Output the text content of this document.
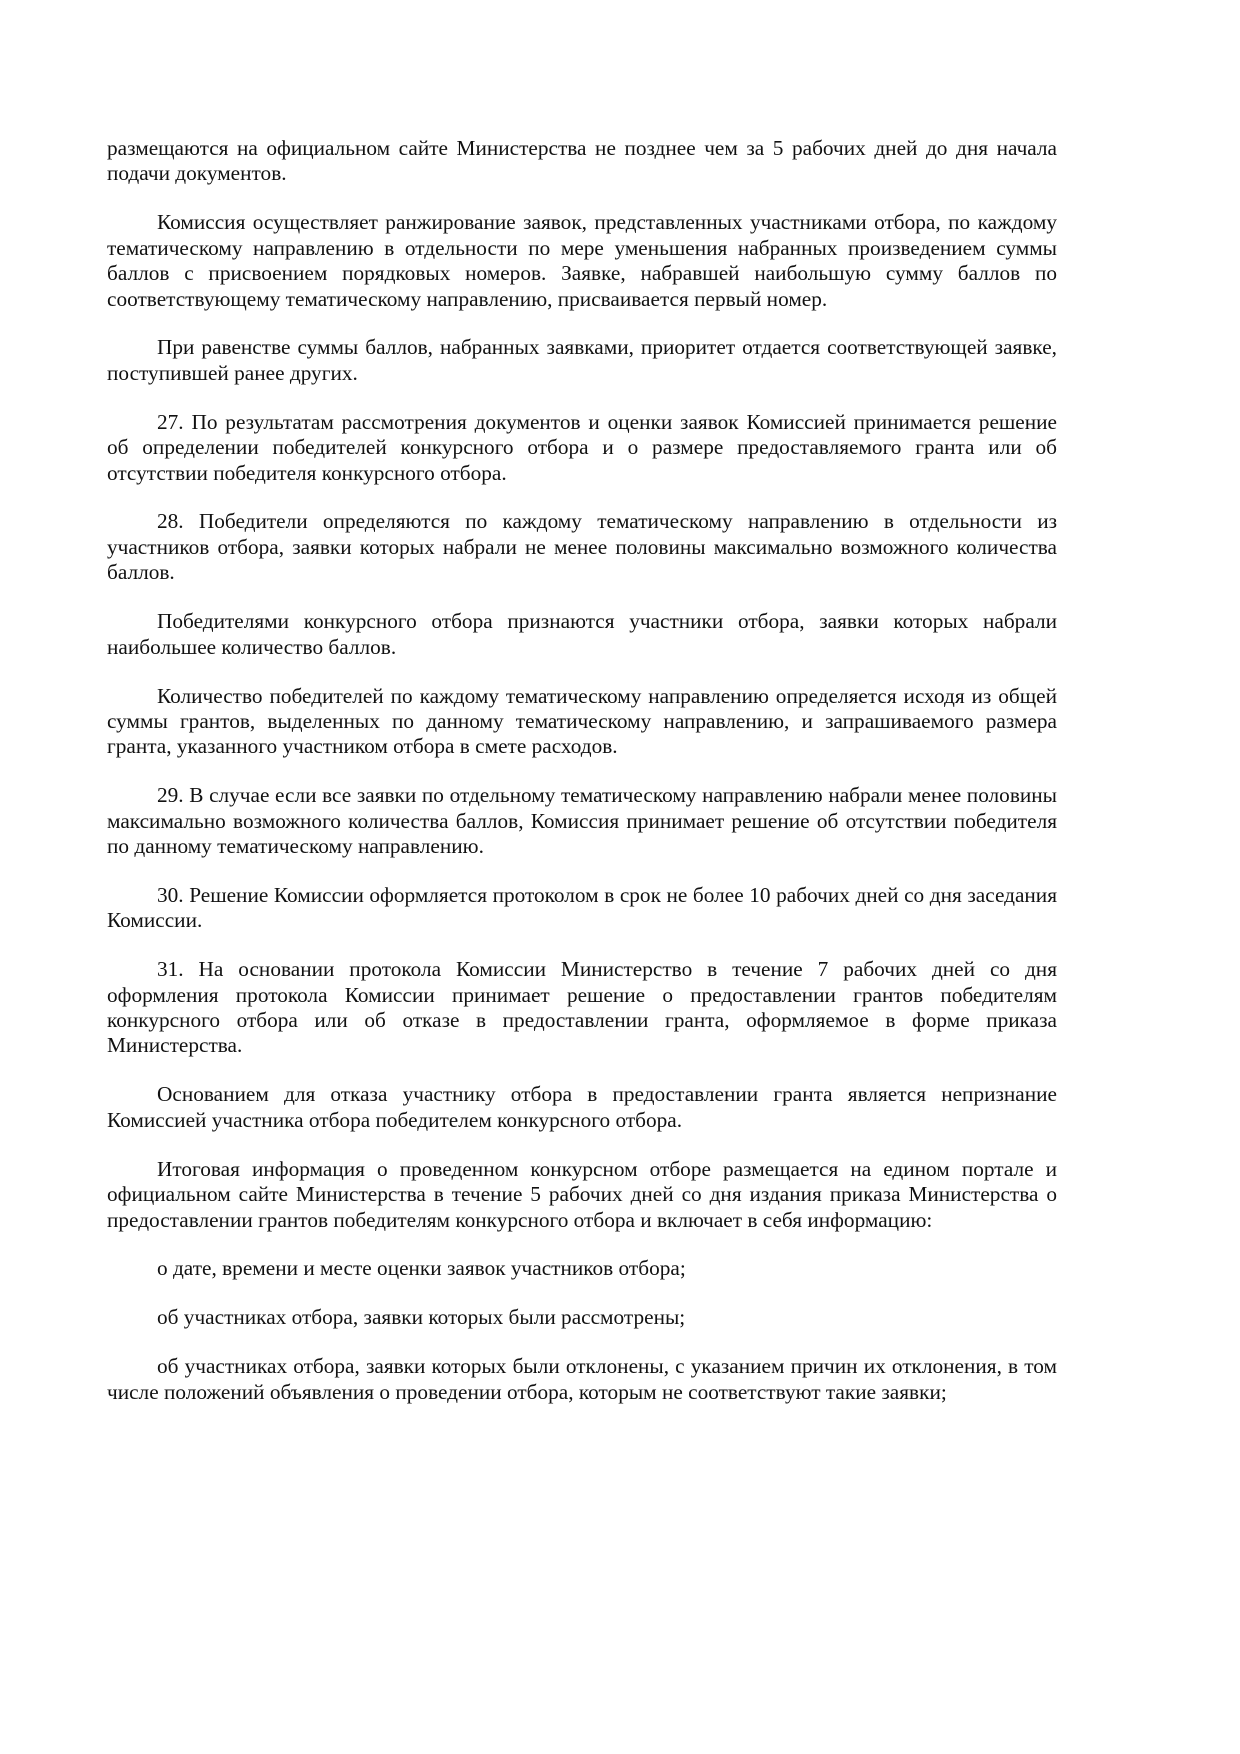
размещаются на официальном сайте Министерства не позднее чем за 5 рабочих дней до дня начала подачи документов.

Комиссия осуществляет ранжирование заявок, представленных участниками отбора, по каждому тематическому направлению в отдельности по мере уменьшения набранных произведением суммы баллов с присвоением порядковых номеров. Заявке, набравшей наибольшую сумму баллов по соответствующему тематическому направлению, присваивается первый номер.

При равенстве суммы баллов, набранных заявками, приоритет отдается соответствующей заявке, поступившей ранее других.

27. По результатам рассмотрения документов и оценки заявок Комиссией принимается решение об определении победителей конкурсного отбора и о размере предоставляемого гранта или об отсутствии победителя конкурсного отбора.

28. Победители определяются по каждому тематическому направлению в отдельности из участников отбора, заявки которых набрали не менее половины максимально возможного количества баллов.

Победителями конкурсного отбора признаются участники отбора, заявки которых набрали наибольшее количество баллов.

Количество победителей по каждому тематическому направлению определяется исходя из общей суммы грантов, выделенных по данному тематическому направлению, и запрашиваемого размера гранта, указанного участником отбора в смете расходов.

29. В случае если все заявки по отдельному тематическому направлению набрали менее половины максимально возможного количества баллов, Комиссия принимает решение об отсутствии победителя по данному тематическому направлению.

30. Решение Комиссии оформляется протоколом в срок не более 10 рабочих дней со дня заседания Комиссии.

31. На основании протокола Комиссии Министерство в течение 7 рабочих дней со дня оформления протокола Комиссии принимает решение о предоставлении грантов победителям конкурсного отбора или об отказе в предоставлении гранта, оформляемое в форме приказа Министерства.

Основанием для отказа участнику отбора в предоставлении гранта является непризнание Комиссией участника отбора победителем конкурсного отбора.

Итоговая информация о проведенном конкурсном отборе размещается на едином портале и официальном сайте Министерства в течение 5 рабочих дней со дня издания приказа Министерства о предоставлении грантов победителям конкурсного отбора и включает в себя информацию:

о дате, времени и месте оценки заявок участников отбора;

об участниках отбора, заявки которых были рассмотрены;

об участниках отбора, заявки которых были отклонены, с указанием причин их отклонения, в том числе положений объявления о проведении отбора, которым не соответствуют такие заявки;
